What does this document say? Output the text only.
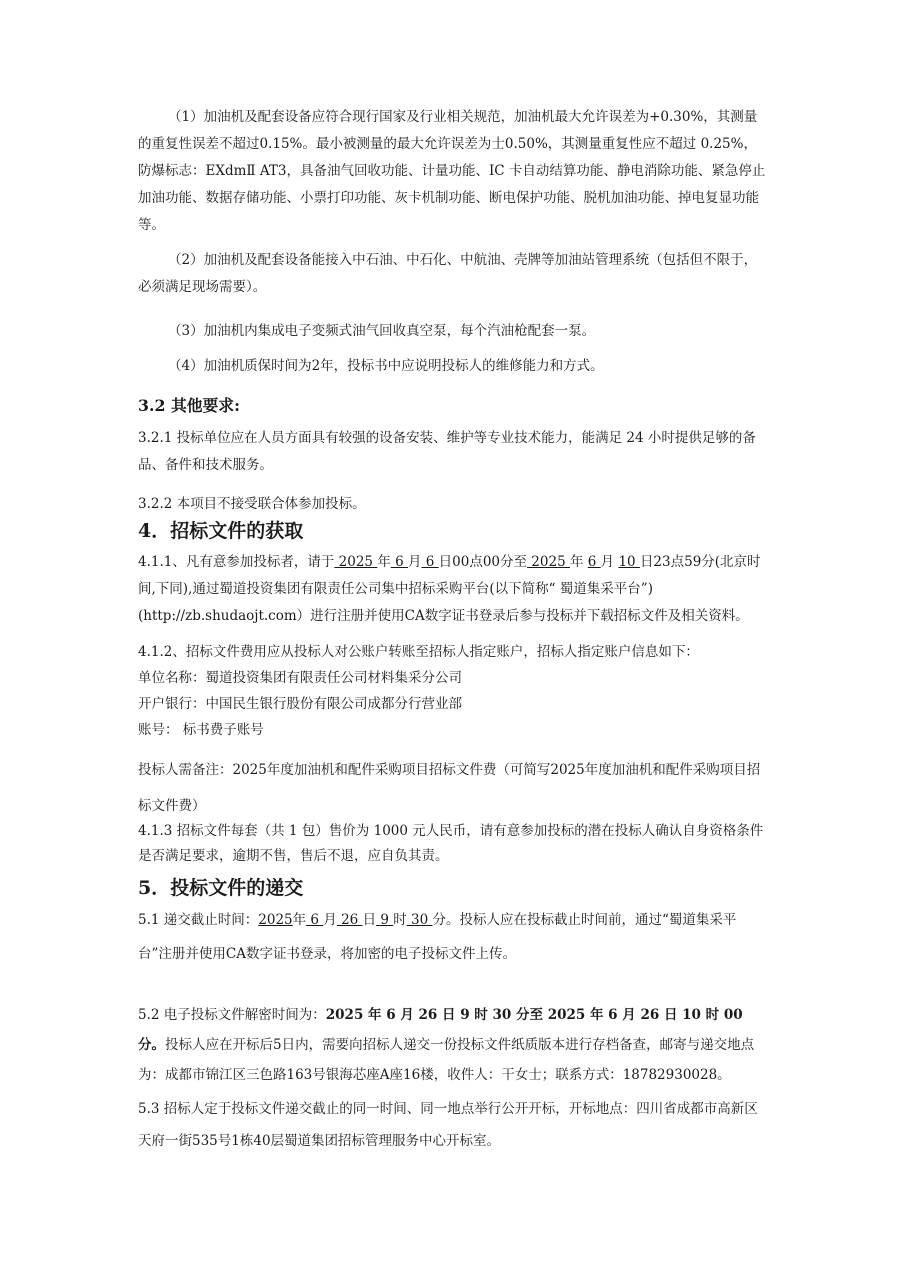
（1）加油机及配套设备应符合现行国家及行业相关规范，加油机最大允许误差为+0.30%，其测量的重复性误差不超过0.15%。最小被测量的最大允许误差为士0.50%，其测量重复性应不超过 0.25%，防爆标志：EXdmⅡ AT3，具备油气回收功能、计量功能、IC 卡自动结算功能、静电消除功能、紧急停止加油功能、数据存储功能、小票打印功能、灰卡机制功能、断电保护功能、脱机加油功能、掉电复显功能等。

（2）加油机及配套设备能接入中石油、中石化、中航油、壳牌等加油站管理系统（包括但不限于，必须满足现场需要）。

（3）加油机内集成电子变频式油气回收真空泵，每个汽油枪配套一泵。

（4）加油机质保时间为2年，投标书中应说明投标人的维修能力和方式。

3.2 其他要求:

3.2.1 投标单位应在人员方面具有较强的设备安装、维护等专业技术能力，能满足 24 小时提供足够的备品、备件和技术服务。

3.2.2 本项目不接受联合体参加投标。

4．招标文件的获取

4.1.1、凡有意参加投标者，请于 2025 年 6 月 6 日00点00分至 2025 年 6 月 10 日23点59分(北京时间,下同),通过蜀道投资集团有限责任公司集中招标采购平台(以下简称“ 蜀道集采平台”)(http://zb.shudaojt.com）进行注册并使用CA数字证书登录后参与投标并下载招标文件及相关资料。

4.1.2、招标文件费用应从投标人对公账户转账至招标人指定账户，招标人指定账户信息如下：

单位名称：蜀道投资集团有限责任公司材料集采分公司

开户银行：中国民生银行股份有限公司成都分行营业部

账号： 标书费子账号

投标人需备注：2025年度加油机和配件采购项目招标文件费（可简写2025年度加油机和配件采购项目招标文件费）

4.1.3 招标文件每套（共 1 包）售价为 1000 元人民币，请有意参加投标的潜在投标人确认自身资格条件是否满足要求，逾期不售，售后不退，应自负其责。

5．投标文件的递交

5.1 递交截止时间：2025年 6 月 26 日 9 时 30 分。投标人应在投标截止时间前，通过“蜀道集采平台”注册并使用CA数字证书登录，将加密的电子投标文件上传。

5.2 电子投标文件解密时间为：2025 年 6 月 26 日 9 时 30 分至 2025 年 6 月 26 日 10 时 00 分。投标人应在开标后5日内，需要向招标人递交一份投标文件纸质版本进行存档备查，邮寄与递交地点为：成都市锦江区三色路163号银海芯座A座16楼，收件人：干女士；联系方式：18782930028。

5.3 招标人定于投标文件递交截止的同一时间、同一地点举行公开开标，开标地点：四川省成都市高新区天府一街535号1栋40层蜀道集团招标管理服务中心开标室。
